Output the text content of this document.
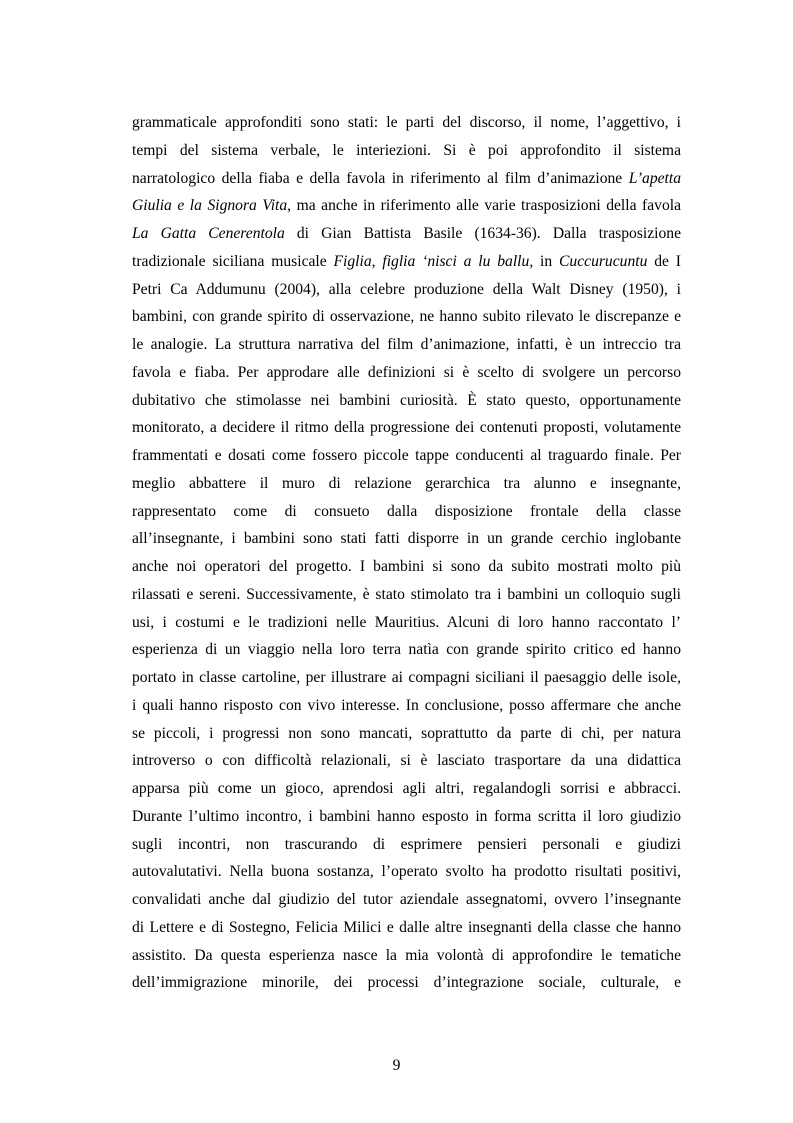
grammaticale approfonditi sono stati: le parti del discorso, il nome, l’aggettivo, i
tempi del sistema verbale, le interiezioni. Si è poi approfondito il sistema
narratologico della fiaba e della favola in riferimento al film d’animazione L’apetta
Giulia e la Signora Vita, ma anche in riferimento alle varie trasposizioni della favola
La Gatta Cenerentola di Gian Battista Basile (1634-36). Dalla trasposizione
tradizionale siciliana musicale Figlia, figlia ‘nisci a lu ballu, in Cuccurucuntu de I
Petri Ca Addumunu (2004), alla celebre produzione della Walt Disney (1950), i
bambini, con grande spirito di osservazione, ne hanno subito rilevato le discrepanze e
le analogie. La struttura narrativa del film d’animazione, infatti, è un intreccio tra
favola e fiaba. Per approdare alle definizioni si è scelto di svolgere un percorso
dubitativo che stimolasse nei bambini curiosità. È stato questo, opportunamente
monitorato, a decidere il ritmo della progressione dei contenuti proposti, volutamente
frammentati e dosati come fossero piccole tappe conducenti al traguardo finale. Per
meglio abbattere il muro di relazione gerarchica tra alunno e insegnante,
rappresentato come di consueto dalla disposizione frontale della classe
all’insegnante, i bambini sono stati fatti disporre in un grande cerchio inglobante
anche noi operatori del progetto. I bambini si sono da subito mostrati molto più
rilassati e sereni. Successivamente, è stato stimolato tra i bambini un colloquio sugli
usi, i costumi e le tradizioni nelle Mauritius. Alcuni di loro hanno raccontato l’
esperienza di un viaggio nella loro terra natìa con grande spirito critico ed hanno
portato in classe cartoline, per illustrare ai compagni siciliani il paesaggio delle isole,
i quali hanno risposto con vivo interesse. In conclusione, posso affermare che anche
se piccoli, i progressi non sono mancati, soprattutto da parte di chi, per natura
introverso o con difficoltà relazionali, si è lasciato trasportare da una didattica
apparsa più come un gioco, aprendosi agli altri, regalandogli sorrisi e abbracci.
Durante l’ultimo incontro, i bambini hanno esposto in forma scritta il loro giudizio
sugli incontri, non trascurando di esprimere pensieri personali e giudizi
autovalutativi. Nella buona sostanza, l’operato svolto ha prodotto risultati positivi,
convalidati anche dal giudizio del tutor aziendale assegnatomi, ovvero l’insegnante
di Lettere e di Sostegno, Felicia Milici e dalle altre insegnanti della classe che hanno
assistito. Da questa esperienza nasce la mia volontà di approfondire le tematiche
dell’immigrazione minorile, dei processi d’integrazione sociale, culturale, e
9
